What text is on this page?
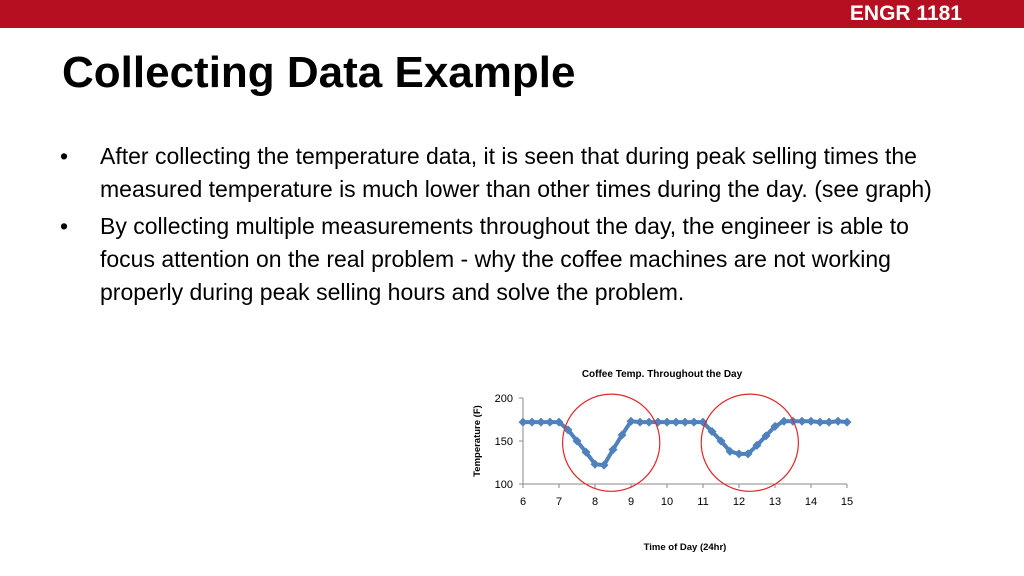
ENGR 1181
Collecting Data Example
• After collecting the temperature data, it is seen that during peak selling times the measured temperature is much lower than other times during the day. (see graph)
• By collecting multiple measurements throughout the day, the engineer is able to focus attention on the real problem - why the coffee machines are not working properly during peak selling hours and solve the problem.
Coffee Temp. Throughout the Day
Temperature (F)
Time of Day (24hr)
100
150
200
6	7	8	9 10 11 12 13 14 15
